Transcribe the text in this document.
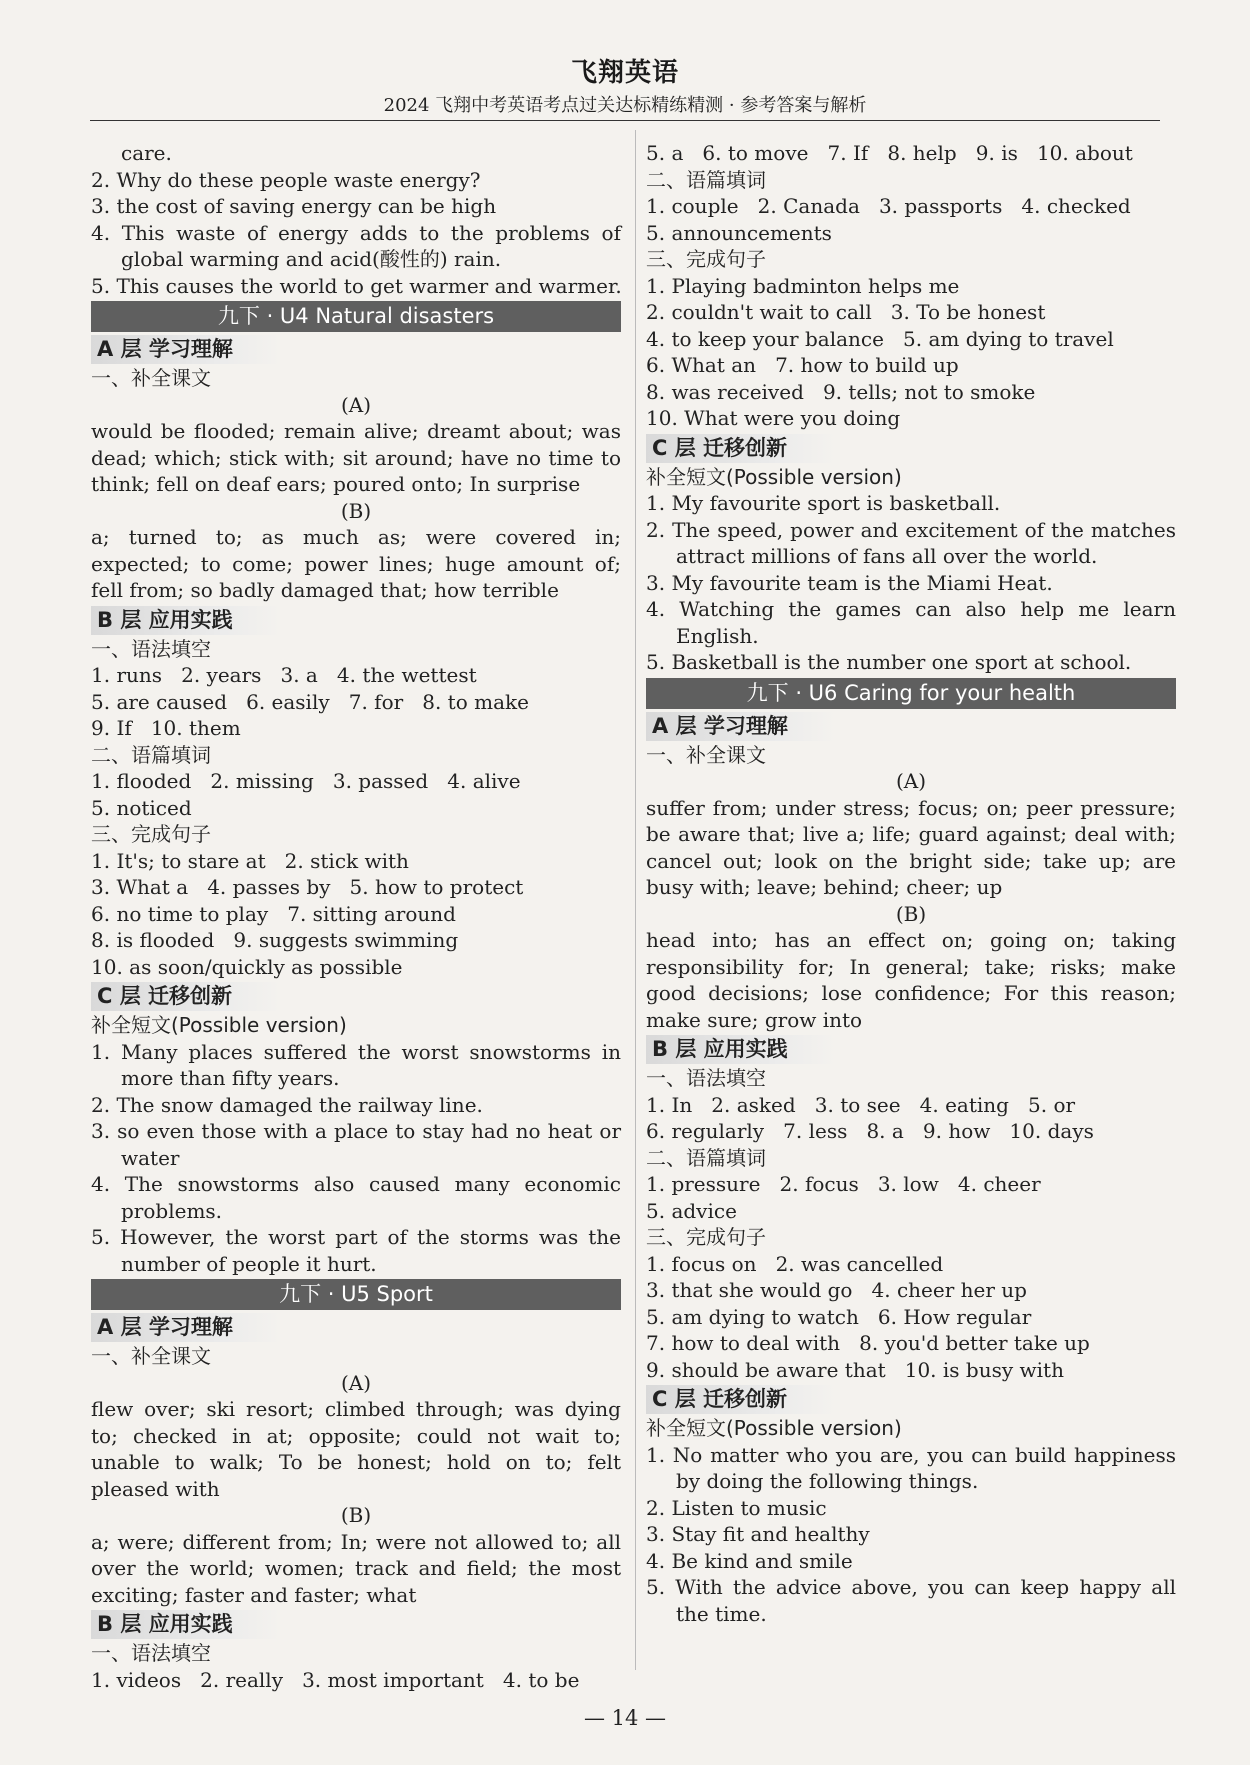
飞翔英语
2024 飞翔中考英语考点过关达标精练精测 · 参考答案与解析
care.
2. Why do these people waste energy?
3. the cost of saving energy can be high
4. This waste of energy adds to the problems of global warming and acid(酸性的) rain.
5. This causes the world to get warmer and warmer.
九下 · U4 Natural disasters
A 层 学习理解
一、补全课文
(A)
would be flooded; remain alive; dreamt about; was dead; which; stick with; sit around; have no time to think; fell on deaf ears; poured onto; In surprise
(B)
a; turned to; as much as; were covered in; expected; to come; power lines; huge amount of; fell from; so badly damaged that; how terrible
B 层 应用实践
一、语法填空
1. runs   2. years   3. a   4. the wettest
5. are caused   6. easily   7. for   8. to make
9. If   10. them
二、语篇填词
1. flooded   2. missing   3. passed   4. alive
5. noticed
三、完成句子
1. It's; to stare at   2. stick with
3. What a   4. passes by   5. how to protect
6. no time to play   7. sitting around
8. is flooded   9. suggests swimming
10. as soon/quickly as possible
C 层 迁移创新
补全短文(Possible version)
1. Many places suffered the worst snowstorms in more than fifty years.
2. The snow damaged the railway line.
3. so even those with a place to stay had no heat or water
4. The snowstorms also caused many economic problems.
5. However, the worst part of the storms was the number of people it hurt.
九下 · U5 Sport
A 层 学习理解
一、补全课文
(A)
flew over; ski resort; climbed through; was dying to; checked in at; opposite; could not wait to; unable to walk; To be honest; hold on to; felt pleased with
(B)
a; were; different from; In; were not allowed to; all over the world; women; track and field; the most exciting; faster and faster; what
B 层 应用实践
一、语法填空
1. videos   2. really   3. most important   4. to be
5. a   6. to move   7. If   8. help   9. is   10. about
二、语篇填词
1. couple   2. Canada   3. passports   4. checked
5. announcements
三、完成句子
1. Playing badminton helps me
2. couldn't wait to call   3. To be honest
4. to keep your balance   5. am dying to travel
6. What an   7. how to build up
8. was received   9. tells; not to smoke
10. What were you doing
C 层 迁移创新
补全短文(Possible version)
1. My favourite sport is basketball.
2. The speed, power and excitement of the matches attract millions of fans all over the world.
3. My favourite team is the Miami Heat.
4. Watching the games can also help me learn English.
5. Basketball is the number one sport at school.
九下 · U6 Caring for your health
A 层 学习理解
一、补全课文
(A)
suffer from; under stress; focus; on; peer pressure; be aware that; live a; life; guard against; deal with; cancel out; look on the bright side; take up; are busy with; leave; behind; cheer; up
(B)
head into; has an effect on; going on; taking responsibility for; In general; take; risks; make good decisions; lose confidence; For this reason; make sure; grow into
B 层 应用实践
一、语法填空
1. In   2. asked   3. to see   4. eating   5. or
6. regularly   7. less   8. a   9. how   10. days
二、语篇填词
1. pressure   2. focus   3. low   4. cheer
5. advice
三、完成句子
1. focus on   2. was cancelled
3. that she would go   4. cheer her up
5. am dying to watch   6. How regular
7. how to deal with   8. you'd better take up
9. should be aware that   10. is busy with
C 层 迁移创新
补全短文(Possible version)
1. No matter who you are, you can build happiness by doing the following things.
2. Listen to music
3. Stay fit and healthy
4. Be kind and smile
5. With the advice above, you can keep happy all the time.
— 14 —
